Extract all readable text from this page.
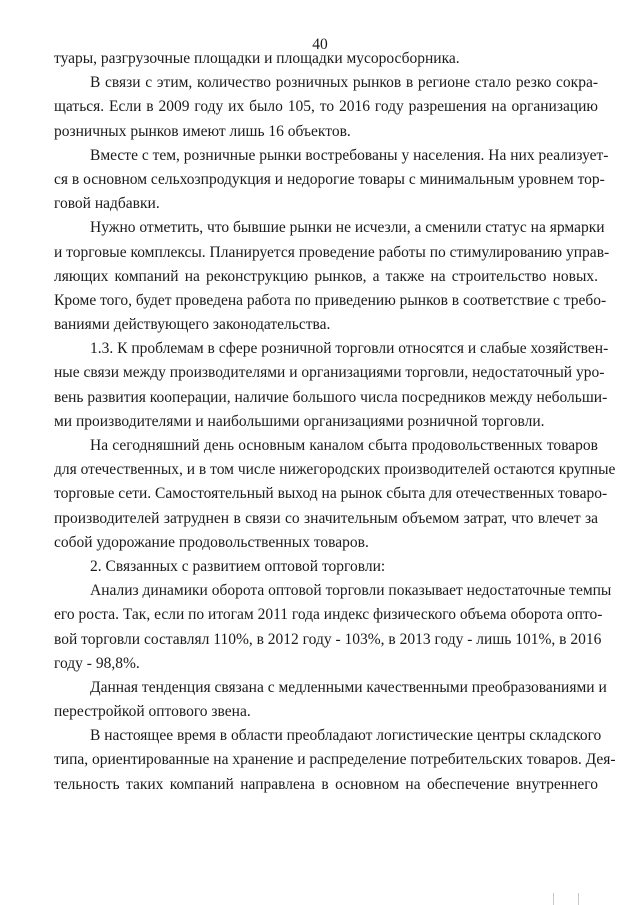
40
туары, разгрузочные площадки и площадки мусоросборника.
В связи с этим, количество розничных рынков в регионе стало резко сокра-
щаться. Если в 2009 году их было 105, то 2016 году разрешения на организацию
розничных рынков имеют лишь 16 объектов.
Вместе с тем, розничные рынки востребованы у населения. На них реализует-
ся в основном сельхозпродукция и недорогие товары с минимальным уровнем тор-
говой надбавки.
Нужно отметить, что бывшие рынки не исчезли, а сменили статус на ярмарки
и торговые комплексы. Планируется проведение работы по стимулированию управ-
ляющих компаний на реконструкцию рынков, а также на строительство новых.
Кроме того, будет проведена работа по приведению рынков в соответствие с требо-
ваниями действующего законодательства.
1.3. К проблемам в сфере розничной торговли относятся и слабые хозяйствен-
ные связи между производителями и организациями торговли, недостаточный уро-
вень развития кооперации, наличие большого числа посредников между небольши-
ми производителями и наибольшими организациями розничной торговли.
На сегодняшний день основным каналом сбыта продовольственных товаров
для отечественных, и в том числе нижегородских производителей остаются крупные
торговые сети. Самостоятельный выход на рынок сбыта для отечественных товаро-
производителей затруднен в связи со значительным объемом затрат, что влечет за
собой удорожание продовольственных товаров.
2. Связанных с развитием оптовой торговли:
Анализ динамики оборота оптовой торговли показывает недостаточные темпы
его роста. Так, если по итогам 2011 года индекс физического объема оборота опто-
вой торговли составлял 110%, в 2012 году - 103%, в 2013 году - лишь 101%, в 2016
году - 98,8%.
Данная тенденция связана с медленными качественными преобразованиями и
перестройкой оптового звена.
В настоящее время в области преобладают логистические центры складского
типа, ориентированные на хранение и распределение потребительских товаров. Дея-
тельность таких компаний направлена в основном на обеспечение внутреннего
